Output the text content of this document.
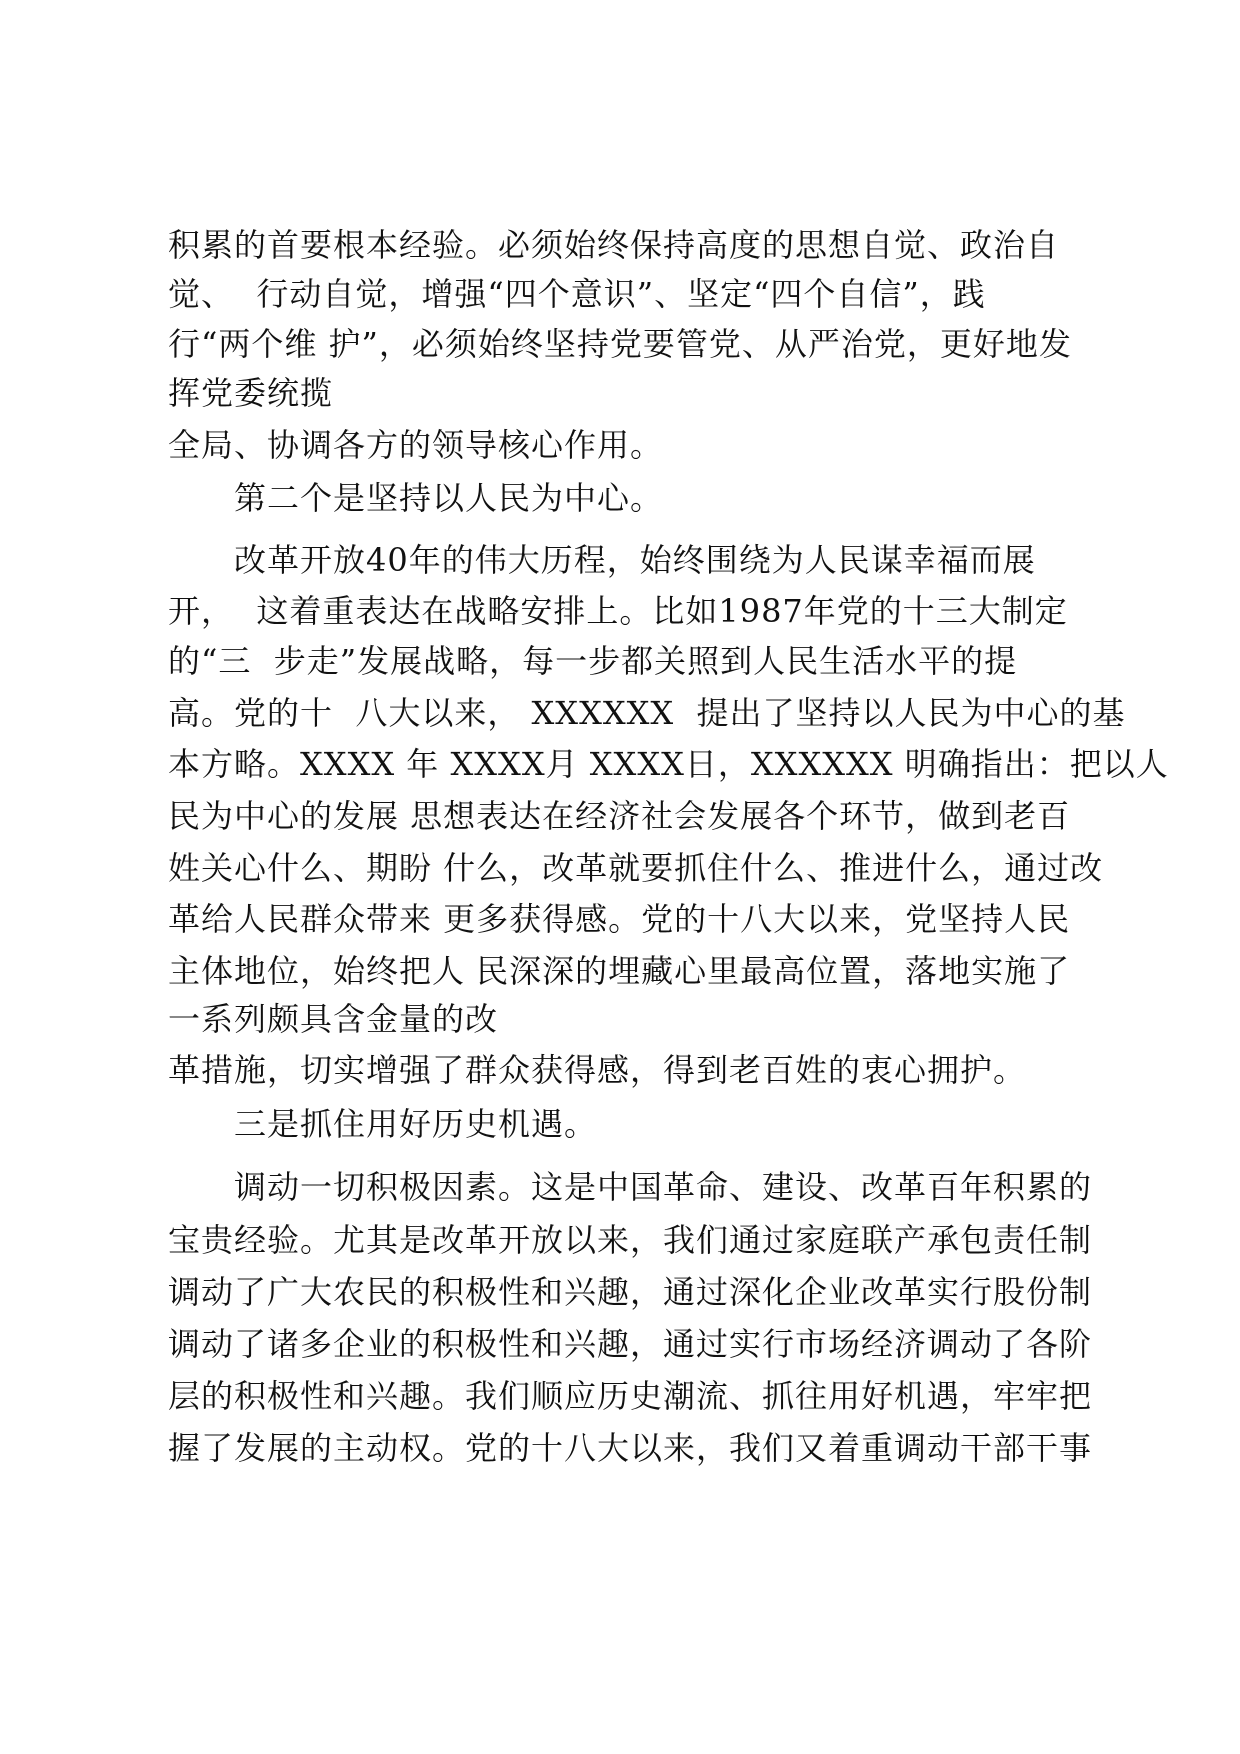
积累的首要根本经验。必须始终保持高度的思想自觉、政治自

觉、  行动自觉，增强“四个意识”、坚定“四个自信”，践

行“两个维 护”，必须始终坚持党要管党、从严治党，更好地发

挥党委统揽

全局、协调各方的领导核心作用。

第二个是坚持以人民为中心。

改革开放40年的伟大历程，始终围绕为人民谋幸福而展

开，  这着重表达在战略安排上。比如1987年党的十三大制定

的“三  步走”发展战略，每一步都关照到人民生活水平的提

高。党的十  八大以来， XXXXXX  提出了坚持以人民为中心的基

本方略。XXXX 年 XXXX月 XXXX日，XXXXXX 明确指出：把以人

民为中心的发展 思想表达在经济社会发展各个环节，做到老百

姓关心什么、期盼 什么，改革就要抓住什么、推进什么，通过改

革给人民群众带来 更多获得感。党的十八大以来，党坚持人民

主体地位，始终把人 民深深的埋藏心里最高位置，落地实施了

一系列颇具含金量的改

革措施，切实增强了群众获得感，得到老百姓的衷心拥护。

三是抓住用好历史机遇。

调动一切积极因素。这是中国革命、建设、改革百年积累的

宝贵经验。尤其是改革开放以来，我们通过家庭联产承包责任制

调动了广大农民的积极性和兴趣，通过深化企业改革实行股份制

调动了诸多企业的积极性和兴趣，通过实行市场经济调动了各阶

层的积极性和兴趣。我们顺应历史潮流、抓往用好机遇，牢牢把

握了发展的主动权。党的十八大以来，我们又着重调动干部干事
